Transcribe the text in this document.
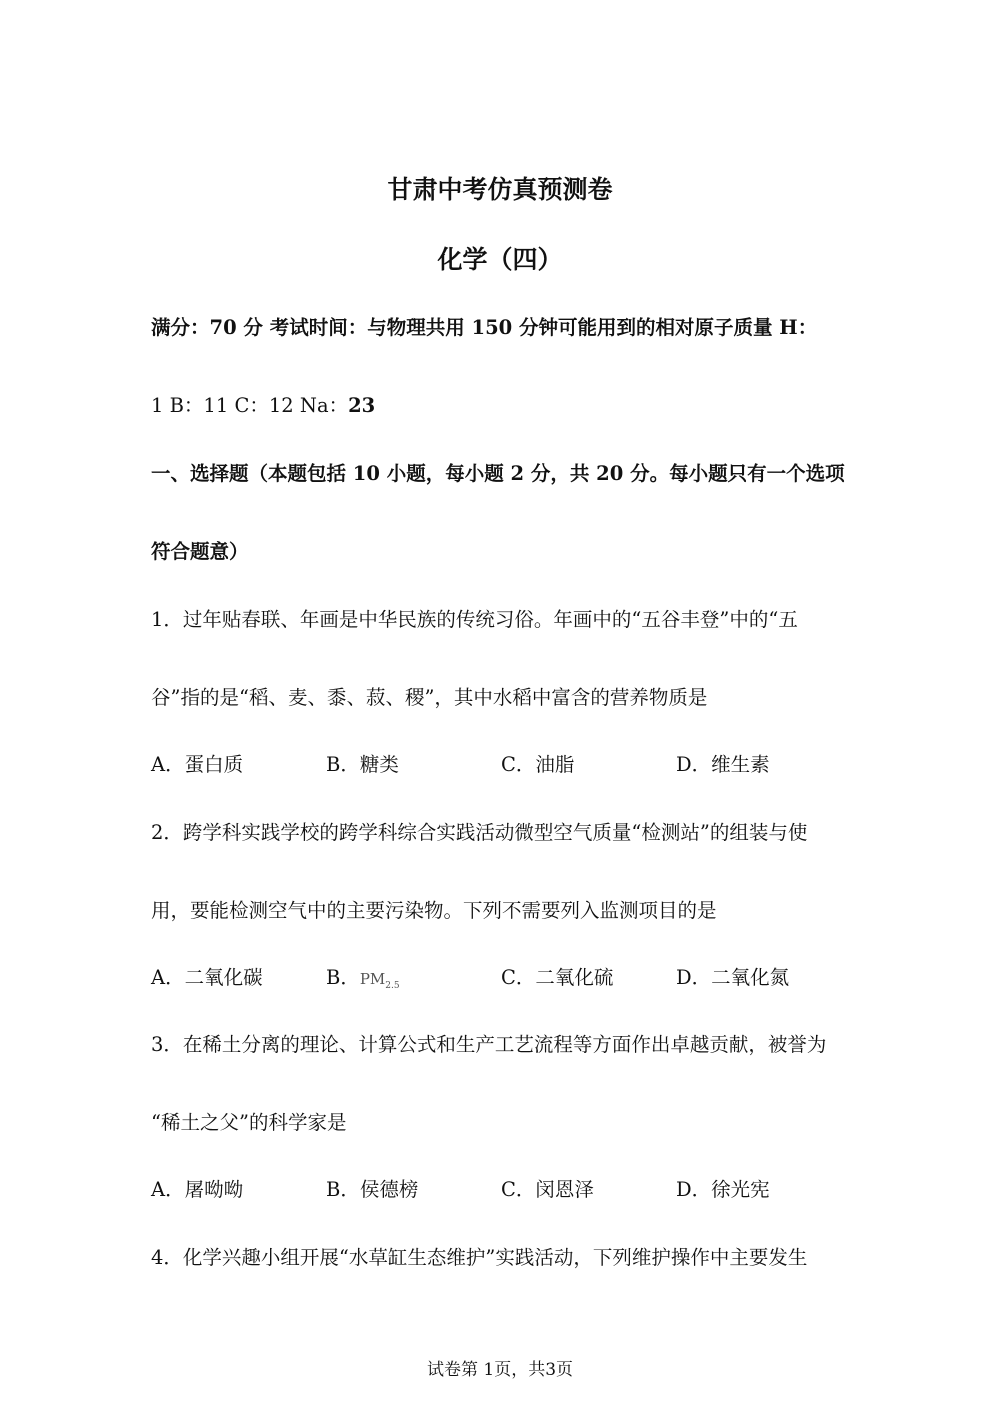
甘肃中考仿真预测卷
化学（四）
满分：70 分 考试时间：与物理共用 150 分钟可能用到的相对原子质量 H：
1 B：11 C：12 Na：23
一、选择题（本题包括 10 小题，每小题 2 分，共 20 分。每小题只有一个选项
符合题意）
1．过年贴春联、年画是中华民族的传统习俗。年画中的“五谷丰登”中的“五
谷”指的是“稻、麦、黍、菽、稷”，其中水稻中富含的营养物质是
A．蛋白质	B．糖类	C．油脂	D．维生素
2．跨学科实践学校的跨学科综合实践活动微型空气质量“检测站”的组装与使
用，要能检测空气中的主要污染物。下列不需要列入监测项目的是
A．二氧化碳	B．$PM_{2.5}$	C．二氧化硫	D．二氧化氮
3．在稀土分离的理论、计算公式和生产工艺流程等方面作出卓越贡献，被誉为
“稀土之父”的科学家是
A．屠呦呦	B．侯德榜	C．闵恩泽	D．徐光宪
4．化学兴趣小组开展“水草缸生态维护”实践活动，下列维护操作中主要发生
试卷第 1页，共3页
